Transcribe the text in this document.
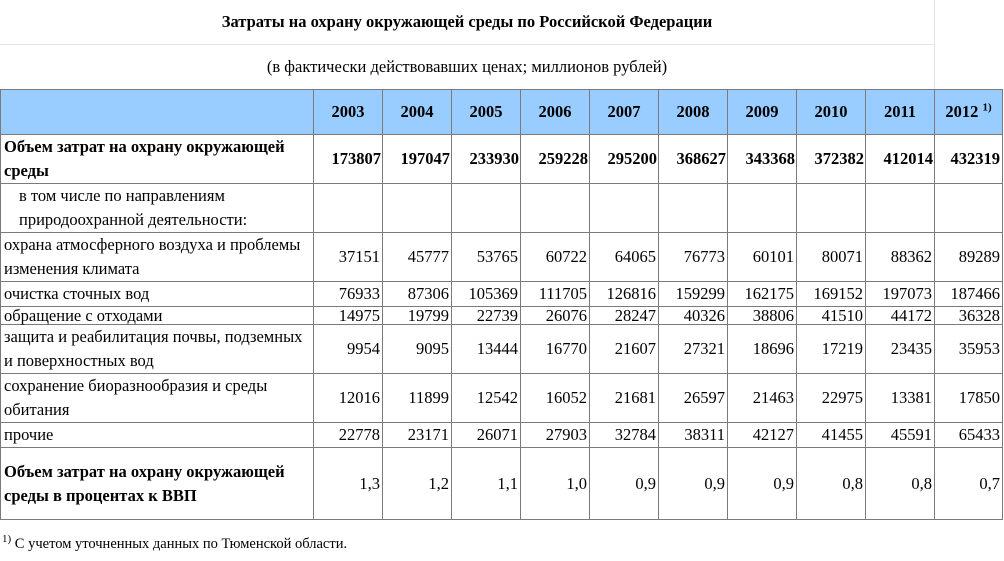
Затраты на охрану окружающей среды по Российской Федерации
(в фактически действовавших ценах; миллионов рублей)
	2003	2004	2005	2006	2007	2008	2009	2010	2011	2012 $^{1)}$
Объем затрат на охрану окружающей среды	173807	197047	233930	259228	295200	368627	343368	372382	412014	432319
в том числе по направлениям природоохранной деятельности:										
охрана атмосферного воздуха и проблемы изменения климата	37151	45777	53765	60722	64065	76773	60101	80071	88362	89289
очистка сточных вод	76933	87306	105369	111705	126816	159299	162175	169152	197073	187466
обращение с отходами	14975	19799	22739	26076	28247	40326	38806	41510	44172	36328
защита и реабилитация почвы, подземных и поверхностных вод	9954	9095	13444	16770	21607	27321	18696	17219	23435	35953
сохранение биоразнообразия и среды обитания	12016	11899	12542	16052	21681	26597	21463	22975	13381	17850
прочие	22778	23171	26071	27903	32784	38311	42127	41455	45591	65433
Объем затрат на охрану окружающей среды в процентах к ВВП	1,3	1,2	1,1	1,0	0,9	0,9	0,9	0,8	0,8	0,7
$^{1)}$ С учетом уточненных данных по Тюменской области.
